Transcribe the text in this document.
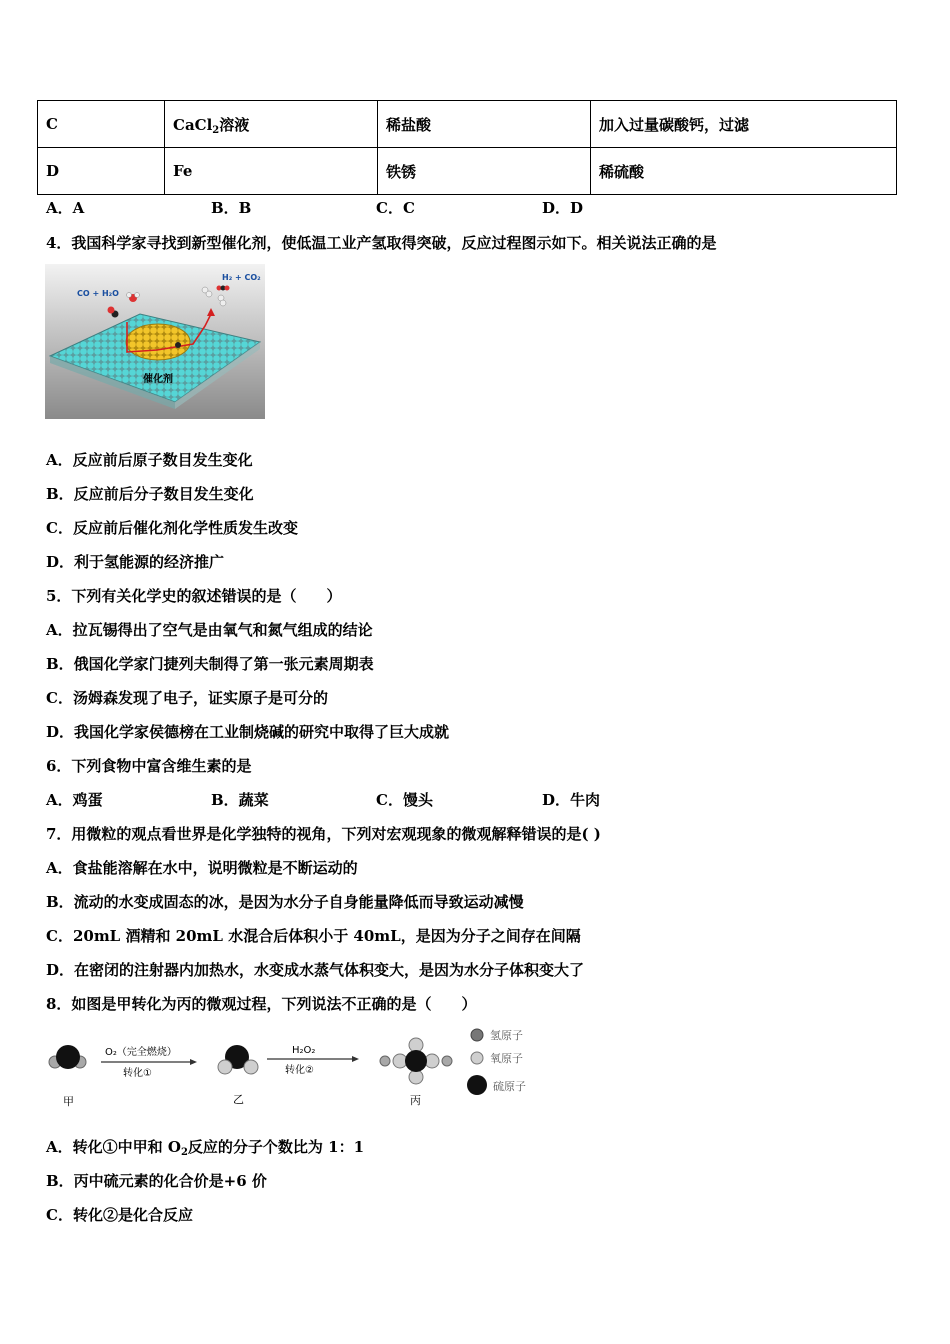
C	CaCl$_2$溶液	稀盐酸	加入过量碳酸钙，过滤
D	Fe	铁锈	稀硫酸
A．A	B．B	C．C	D．D
4．我国科学家寻找到新型催化剂，使低温工业产氢取得突破，反应过程图示如下。相关说法正确的是
CO + H₂O
H₂ + CO₂
催化剂
A．反应前后原子数目发生变化
B．反应前后分子数目发生变化
C．反应前后催化剂化学性质发生改变
D．利于氢能源的经济推广
5．下列有关化学史的叙述错误的是（　　）
A．拉瓦锡得出了空气是由氧气和氮气组成的结论
B．俄国化学家门捷列夫制得了第一张元素周期表
C．汤姆森发现了电子，证实原子是可分的
D．我国化学家侯德榜在工业制烧碱的研究中取得了巨大成就
6．下列食物中富含维生素的是
A．鸡蛋	B．蔬菜	C．馒头	D．牛肉
7．用微粒的观点看世界是化学独特的视角，下列对宏观现象的微观解释错误的是( )
A．食盐能溶解在水中，说明微粒是不断运动的
B．流动的水变成固态的冰，是因为水分子自身能量降低而导致运动减慢
C．20mL 酒精和 20mL 水混合后体积小于 40mL，是因为分子之间存在间隔
D．在密闭的注射器内加热水，水变成水蒸气体积变大，是因为水分子体积变大了
8．如图是甲转化为丙的微观过程，下列说法不正确的是（　　）
甲
O₂（完全燃烧）
转化①
乙
H₂O₂
转化②
丙
氢原子
氧原子
硫原子
A．转化①中甲和 $O_2$反应的分子个数比为 1：1
B．丙中硫元素的化合价是+6 价
C．转化②是化合反应
